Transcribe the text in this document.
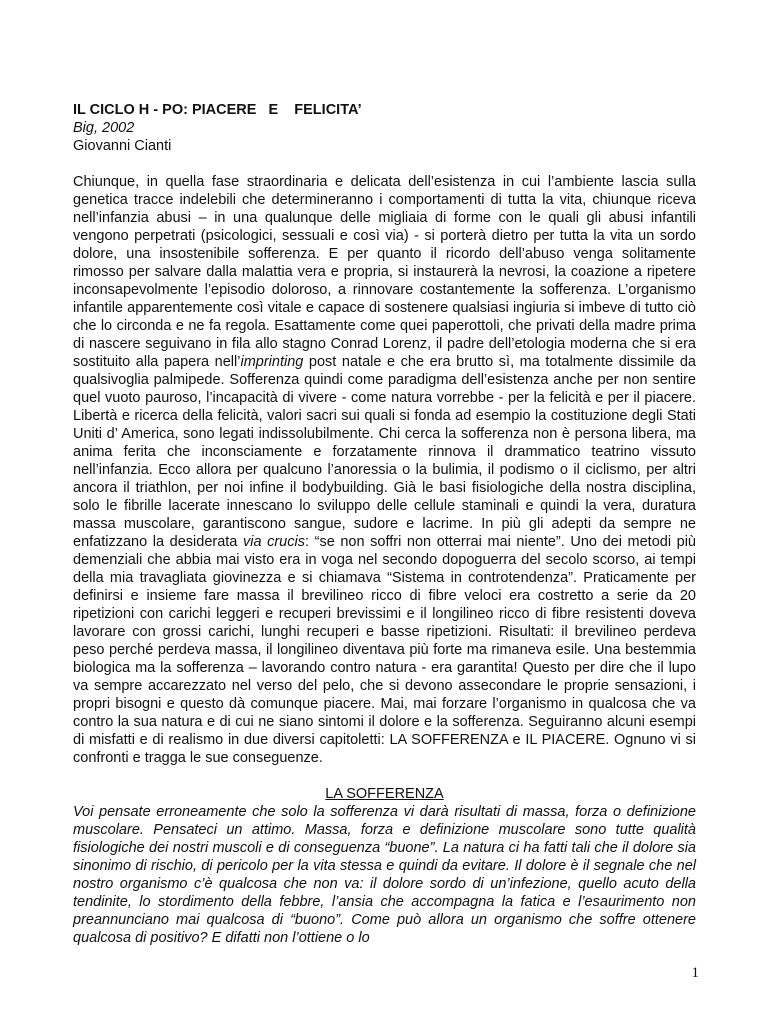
IL CICLO H - PO: PIACERE   E    FELICITA’
Big, 2002
Giovanni Cianti
Chiunque, in quella fase straordinaria e delicata dell’esistenza in cui l’ambiente lascia sulla genetica tracce indelebili che determineranno i comportamenti di tutta la vita, chiunque riceva nell’infanzia abusi – in una qualunque delle migliaia di forme con le quali gli abusi infantili vengono perpetrati (psicologici, sessuali e così via) - si porterà dietro per tutta la vita un sordo dolore, una insostenibile sofferenza. E per quanto il ricordo dell’abuso venga solitamente rimosso per salvare dalla malattia vera e propria, si instaurerà la nevrosi, la coazione a ripetere inconsapevolmente l’episodio doloroso, a rinnovare costantemente la sofferenza. L’organismo infantile apparentemente così vitale e capace di sostenere qualsiasi ingiuria si imbeve di tutto ciò che lo circonda e ne fa regola. Esattamente come quei paperottoli, che privati della madre prima di nascere seguivano in fila allo stagno Conrad Lorenz, il padre dell’etologia moderna che si era sostituito alla papera nell’imprinting post natale e che era brutto sì, ma totalmente dissimile da qualsivoglia palmipede. Sofferenza quindi come paradigma dell’esistenza anche per non sentire quel vuoto pauroso, l’incapacità di vivere - come natura vorrebbe - per la felicità e per il piacere. Libertà e ricerca della felicità, valori sacri sui quali si fonda ad esempio la costituzione degli Stati Uniti d’ America, sono legati indissolubilmente. Chi cerca la sofferenza non è persona libera, ma anima ferita che inconsciamente e forzatamente rinnova il drammatico teatrino vissuto nell’infanzia. Ecco allora per qualcuno l’anoressia o la bulimia, il podismo o il ciclismo, per altri ancora il triathlon, per noi infine il bodybuilding. Già le basi fisiologiche della nostra disciplina, solo le fibrille lacerate innescano lo sviluppo delle cellule staminali e quindi la vera, duratura massa muscolare, garantiscono sangue, sudore e lacrime. In più gli adepti da sempre ne enfatizzano la desiderata via crucis: “se non soffri non otterrai mai niente”. Uno dei metodi più demenziali che abbia mai visto era in voga nel secondo dopoguerra del secolo scorso, ai tempi della mia travagliata giovinezza e si chiamava “Sistema in controtendenza”. Praticamente per definirsi e insieme fare massa il brevilineo ricco di fibre veloci era costretto a serie da 20 ripetizioni con carichi leggeri e recuperi brevissimi e il longilineo ricco di fibre resistenti doveva lavorare con grossi carichi, lunghi recuperi e basse ripetizioni. Risultati: il brevilineo perdeva peso perché perdeva massa, il longilineo diventava più forte ma rimaneva esile. Una bestemmia biologica ma la sofferenza – lavorando contro natura - era garantita! Questo per dire che il lupo va sempre accarezzato nel verso del pelo, che si devono assecondare le proprie sensazioni, i propri bisogni e questo dà comunque piacere. Mai, mai forzare l’organismo in qualcosa che va contro la sua natura e di cui ne siano sintomi il dolore e la sofferenza. Seguiranno alcuni esempi di misfatti e di realismo in due diversi capitoletti: LA SOFFERENZA e IL PIACERE. Ognuno vi si confronti e tragga le sue conseguenze.
LA SOFFERENZA
Voi pensate erroneamente che solo la sofferenza vi darà risultati di massa, forza o definizione muscolare. Pensateci un attimo. Massa, forza e definizione muscolare sono tutte qualità fisiologiche dei nostri muscoli e di conseguenza “buone”. La natura ci ha fatti tali che il dolore sia sinonimo di rischio, di pericolo per la vita stessa e quindi da evitare. Il dolore è il segnale che nel nostro organismo c’è qualcosa che non va: il dolore sordo di un’infezione, quello acuto della tendinite, lo stordimento della febbre, l’ansia che accompagna la fatica e l’esaurimento non preannunciano mai qualcosa di “buono”. Come può allora un organismo che soffre ottenere qualcosa di positivo? E difatti non l’ottiene o lo
1
